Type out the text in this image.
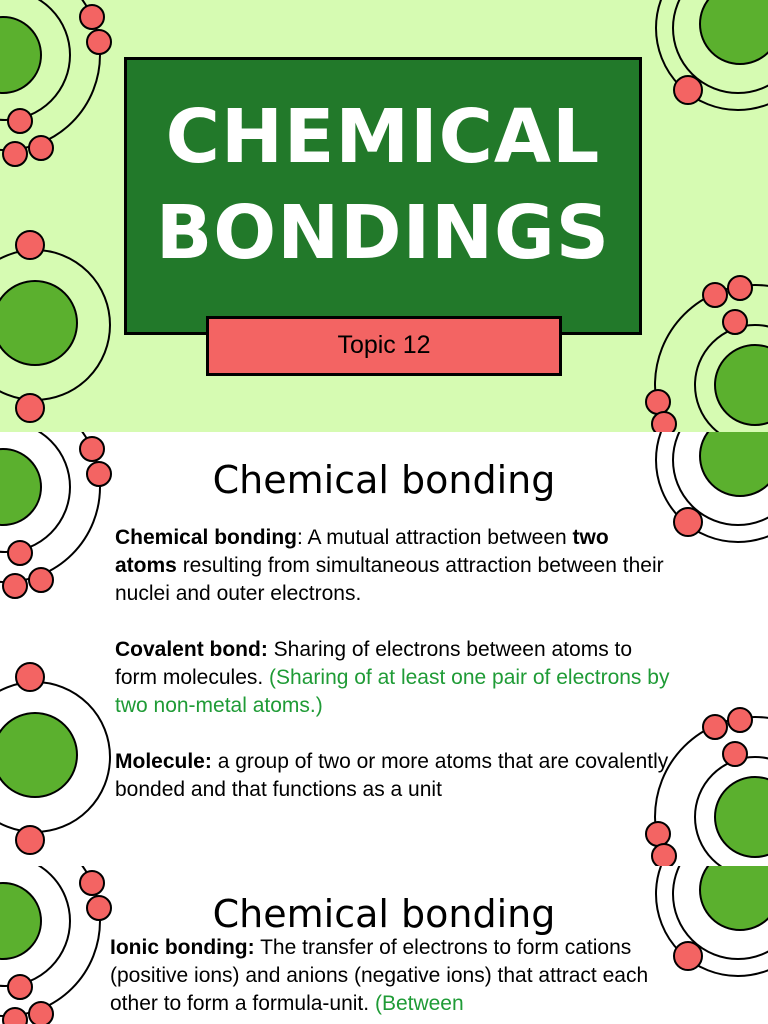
CHEMICAL
BONDINGS
Topic 12
Chemical bonding
Chemical bonding: A mutual attraction between two atoms resulting from simultaneous attraction between their nuclei and outer electrons.
Covalent bond: Sharing of electrons between atoms to form molecules. (Sharing of at least one pair of electrons by two non-metal atoms.)
Molecule: a group of two or more atoms that are covalently bonded and that functions as a unit
Chemical bonding
Ionic bonding: The transfer of electrons to form cations (positive ions) and anions (negative ions) that attract each other to form a formula-unit. (Between
